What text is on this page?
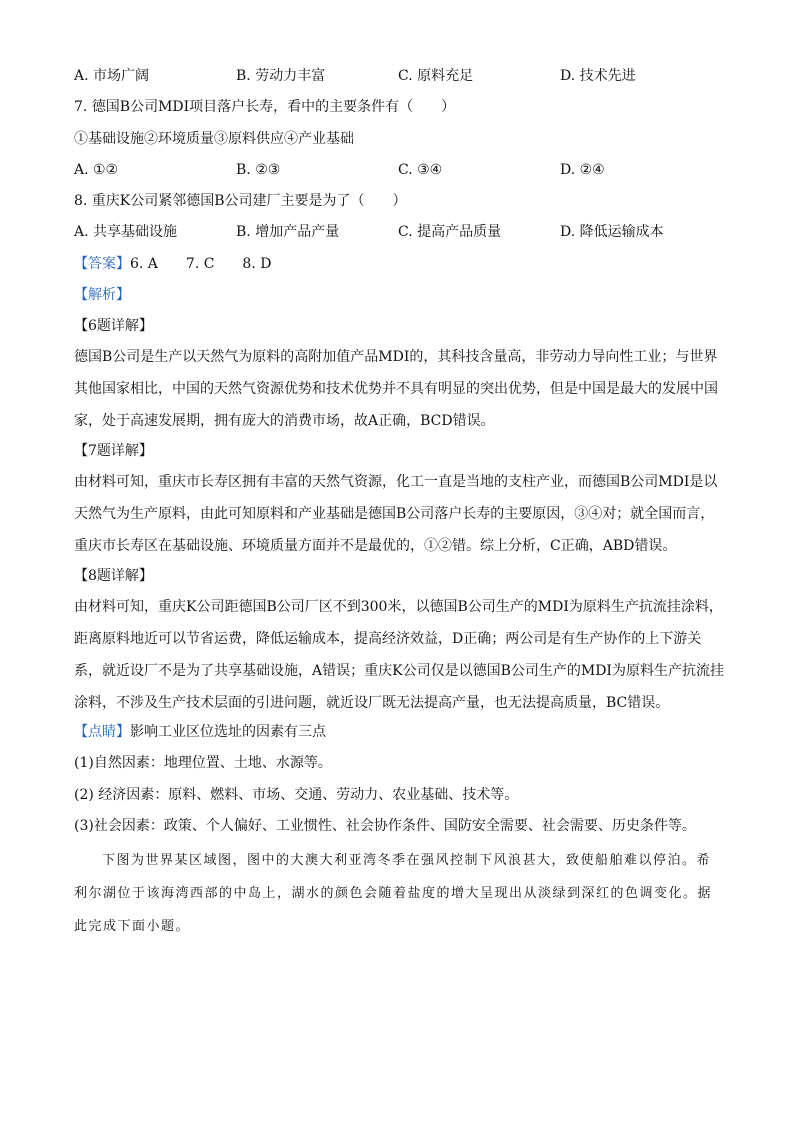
A. 市场广阔	B. 劳动力丰富	C. 原料充足	D. 技术先进
7. 德国B公司MDI项目落户长寿，看中的主要条件有（　　）
①基础设施②环境质量③原料供应④产业基础
A. ①②	B. ②③	C. ③④	D. ②④
8. 重庆K公司紧邻德国B公司建厂主要是为了（　　）
A. 共享基础设施	B. 增加产品产量	C. 提高产品质量	D. 降低运输成本
【答案】6. A　　7. C　　8. D
【解析】
【6题详解】
德国B公司是生产以天然气为原料的高附加值产品MDI的，其科技含量高，非劳动力导向性工业；与世界其他国家相比，中国的天然气资源优势和技术优势并不具有明显的突出优势，但是中国是最大的发展中国家，处于高速发展期，拥有庞大的消费市场，故A正确，BCD错误。
【7题详解】
由材料可知，重庆市长寿区拥有丰富的天然气资源，化工一直是当地的支柱产业，而德国B公司MDI是以天然气为生产原料，由此可知原料和产业基础是德国B公司落户长寿的主要原因，③④对；就全国而言，重庆市长寿区在基础设施、环境质量方面并不是最优的，①②错。综上分析，C正确，ABD错误。
【8题详解】
由材料可知，重庆K公司距德国B公司厂区不到300米，以德国B公司生产的MDI为原料生产抗流挂涂料，距离原料地近可以节省运费，降低运输成本，提高经济效益，D正确；两公司是有生产协作的上下游关系，就近设厂不是为了共享基础设施，A错误；重庆K公司仅是以德国B公司生产的MDI为原料生产抗流挂涂料，不涉及生产技术层面的引进问题，就近设厂既无法提高产量，也无法提高质量，BC错误。
【点睛】影响工业区位选址的因素有三点
(1)自然因素：地理位置、土地、水源等。
(2) 经济因素：原料、燃料、市场、交通、劳动力、农业基础、技术等。
(3)社会因素：政策、个人偏好、工业惯性、社会协作条件、国防安全需要、社会需要、历史条件等。
下图为世界某区域图，图中的大澳大利亚湾冬季在强风控制下风浪甚大，致使船舶难以停泊。希利尔湖位于该海湾西部的中岛上，湖水的颜色会随着盐度的增大呈现出从淡绿到深红的色调变化。据此完成下面小题。
